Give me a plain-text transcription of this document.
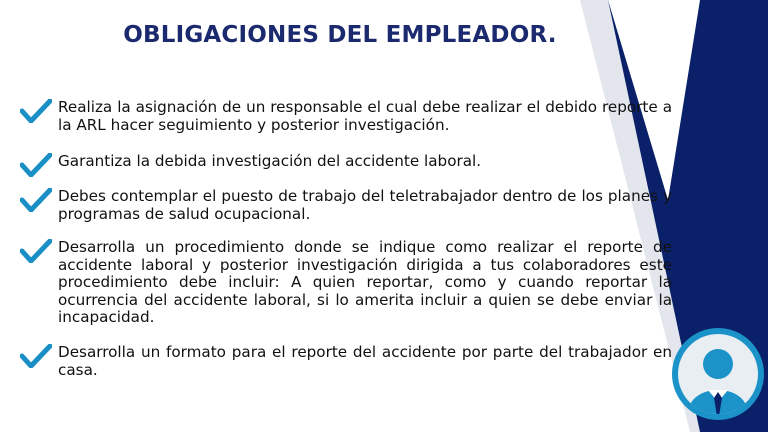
OBLIGACIONES DEL EMPLEADOR.
Realiza la asignación de un responsable el cual debe realizar el debido reporte a la ARL hacer seguimiento y posterior investigación.
Garantiza la debida investigación del accidente laboral.
Debes contemplar el puesto de trabajo del teletrabajador dentro de los planes y programas de salud ocupacional.
Desarrolla un procedimiento donde se indique como realizar el reporte de accidente laboral y posterior investigación dirigida a tus colaboradores este procedimiento debe incluir: A quien reportar, como y cuando reportar la ocurrencia del accidente laboral, si lo amerita incluir a quien se debe enviar la incapacidad.
Desarrolla un formato para el reporte del accidente por parte del trabajador en casa.
